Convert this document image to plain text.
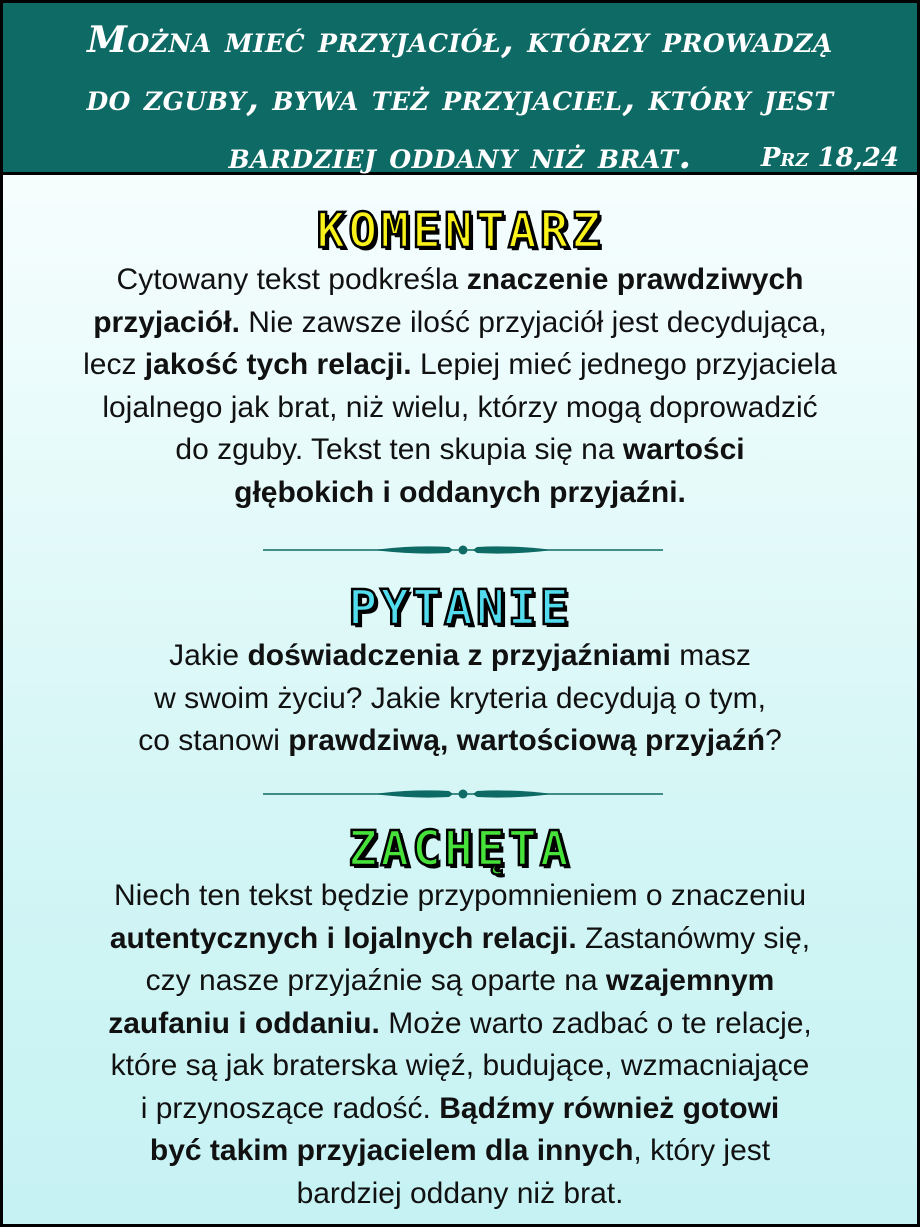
Można mieć przyjaciół, którzy prowadzą
do zguby, bywa też przyjaciel, który jest
bardziej oddany niż brat.	Prz 18,24
KOMENTARZ

Cytowany tekst podkreśla znaczenie prawdziwych
przyjaciół. Nie zawsze ilość przyjaciół jest decydująca,
lecz jakość tych relacji. Lepiej mieć jednego przyjaciela
lojalnego jak brat, niż wielu, którzy mogą doprowadzić
do zguby. Tekst ten skupia się na wartości
głębokich i oddanych przyjaźni.

PYTANIE

Jakie doświadczenia z przyjaźniami masz
w swoim życiu? Jakie kryteria decydują o tym,
co stanowi prawdziwą, wartościową przyjaźń?

ZACHĘTA

Niech ten tekst będzie przypomnieniem o znaczeniu
autentycznych i lojalnych relacji. Zastanówmy się,
czy nasze przyjaźnie są oparte na wzajemnym
zaufaniu i oddaniu. Może warto zadbać o te relacje,
które są jak braterska więź, budujące, wzmacniające
i przynoszące radość. Bądźmy również gotowi
być takim przyjacielem dla innych, który jest
bardziej oddany niż brat.
